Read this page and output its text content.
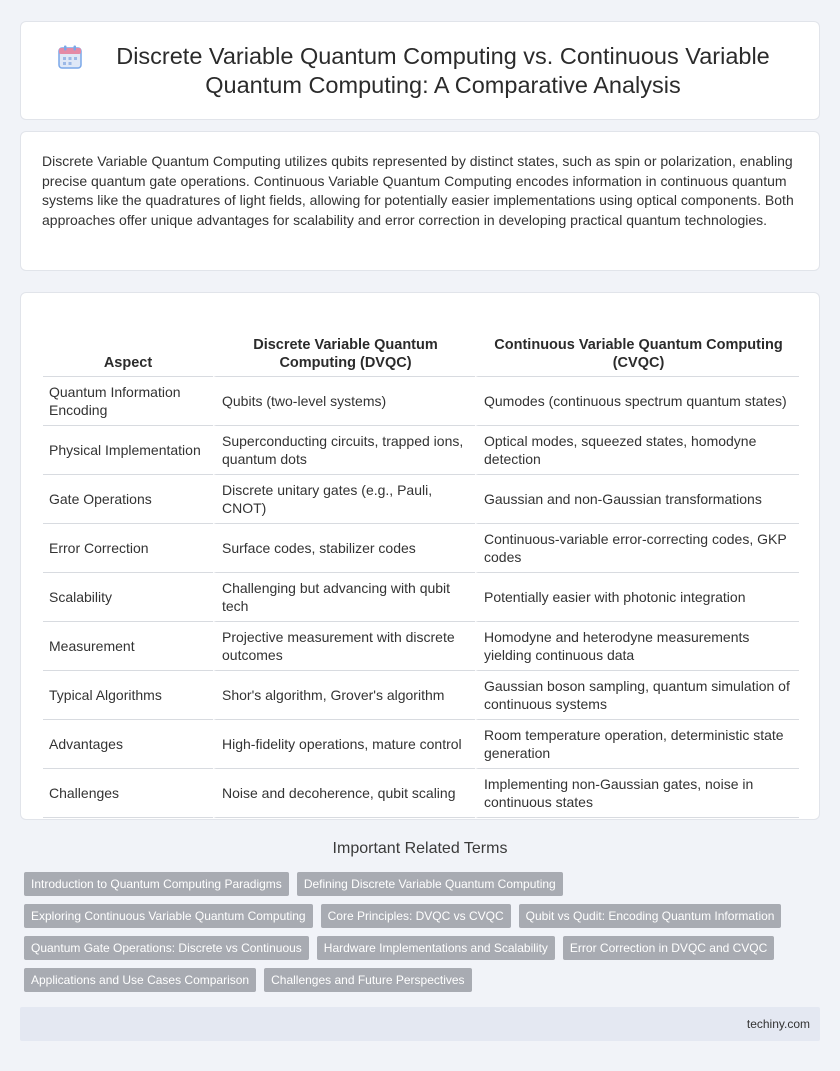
Discrete Variable Quantum Computing vs. Continuous Variable Quantum Computing: A Comparative Analysis

Discrete Variable Quantum Computing utilizes qubits represented by distinct states, such as spin or polarization, enabling precise quantum gate operations. Continuous Variable Quantum Computing encodes information in continuous quantum systems like the quadratures of light fields, allowing for potentially easier implementations using optical components. Both approaches offer unique advantages for scalability and error correction in developing practical quantum technologies.

Aspect	Discrete Variable Quantum Computing (DVQC)	Continuous Variable Quantum Computing (CVQC)
Quantum Information Encoding	Qubits (two-level systems)	Qumodes (continuous spectrum quantum states)
Physical Implementation	Superconducting circuits, trapped ions, quantum dots	Optical modes, squeezed states, homodyne detection
Gate Operations	Discrete unitary gates (e.g., Pauli, CNOT)	Gaussian and non-Gaussian transformations
Error Correction	Surface codes, stabilizer codes	Continuous-variable error-correcting codes, GKP codes
Scalability	Challenging but advancing with qubit tech	Potentially easier with photonic integration
Measurement	Projective measurement with discrete outcomes	Homodyne and heterodyne measurements yielding continuous data
Typical Algorithms	Shor's algorithm, Grover's algorithm	Gaussian boson sampling, quantum simulation of continuous systems
Advantages	High-fidelity operations, mature control	Room temperature operation, deterministic state generation
Challenges	Noise and decoherence, qubit scaling	Implementing non-Gaussian gates, noise in continuous states
Important Related Terms
Introduction to Quantum Computing Paradigms	Defining Discrete Variable Quantum Computing
Exploring Continuous Variable Quantum Computing	Core Principles: DVQC vs CVQC	Qubit vs Qudit: Encoding Quantum Information
Quantum Gate Operations: Discrete vs Continuous	Hardware Implementations and Scalability	Error Correction in DVQC and CVQC
Applications and Use Cases Comparison	Challenges and Future Perspectives
techiny.com
